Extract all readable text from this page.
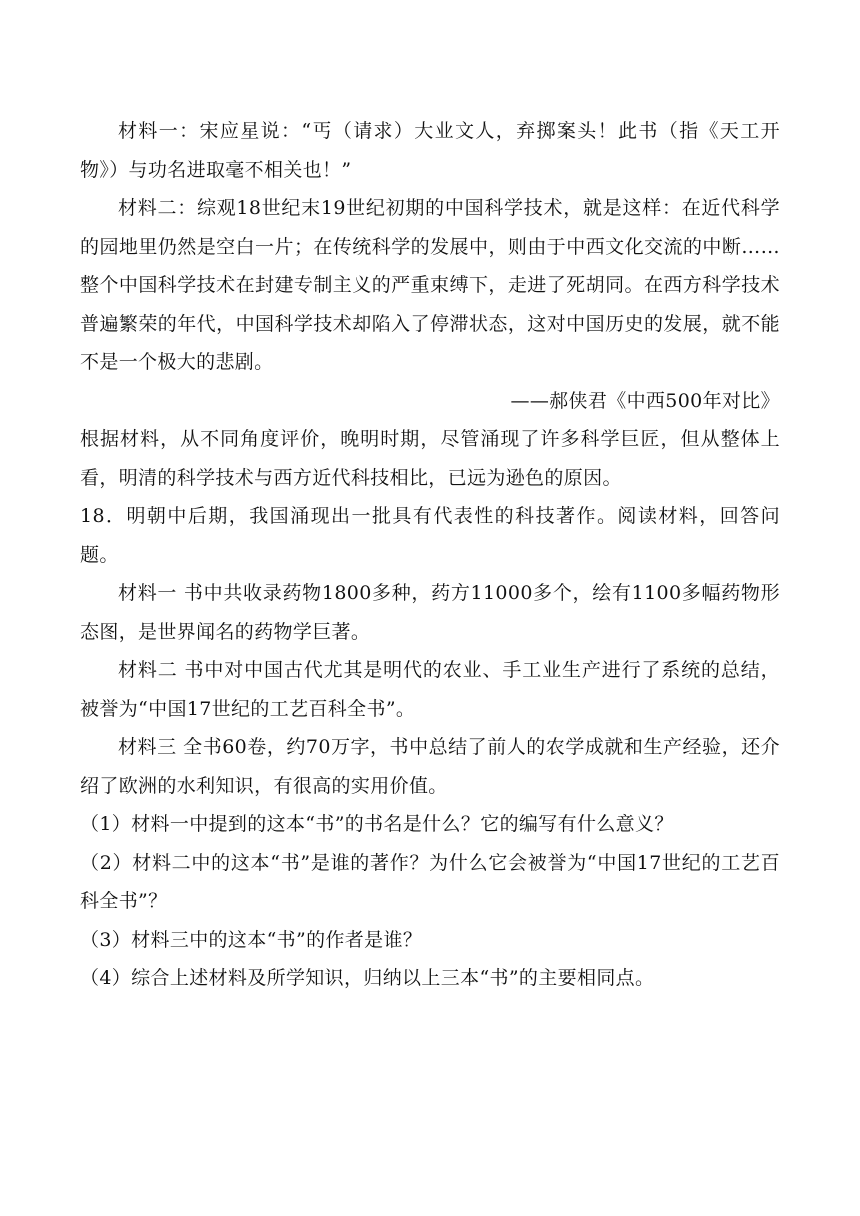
材料一：宋应星说：“丐（请求）大业文人，弃掷案头！此书（指《天工开物》）与功名进取毫不相关也！”

材料二：综观18世纪末19世纪初期的中国科学技术，就是这样：在近代科学的园地里仍然是空白一片；在传统科学的发展中，则由于中西文化交流的中断……整个中国科学技术在封建专制主义的严重束缚下，走进了死胡同。在西方科学技术普遍繁荣的年代，中国科学技术却陷入了停滞状态，这对中国历史的发展，就不能不是一个极大的悲剧。

——郝侠君《中西500年对比》

根据材料，从不同角度评价，晚明时期，尽管涌现了许多科学巨匠，但从整体上看，明清的科学技术与西方近代科技相比，已远为逊色的原因。

18．明朝中后期，我国涌现出一批具有代表性的科技著作。阅读材料，回答问题。

材料一 书中共收录药物1800多种，药方11000多个，绘有1100多幅药物形态图，是世界闻名的药物学巨著。

材料二 书中对中国古代尤其是明代的农业、手工业生产进行了系统的总结，被誉为“中国17世纪的工艺百科全书”。

材料三 全书60卷，约70万字，书中总结了前人的农学成就和生产经验，还介绍了欧洲的水利知识，有很高的实用价值。

（1）材料一中提到的这本“书”的书名是什么？它的编写有什么意义？

（2）材料二中的这本“书”是谁的著作？为什么它会被誉为“中国17世纪的工艺百科全书”？

（3）材料三中的这本“书”的作者是谁？

（4）综合上述材料及所学知识，归纳以上三本“书”的主要相同点。
